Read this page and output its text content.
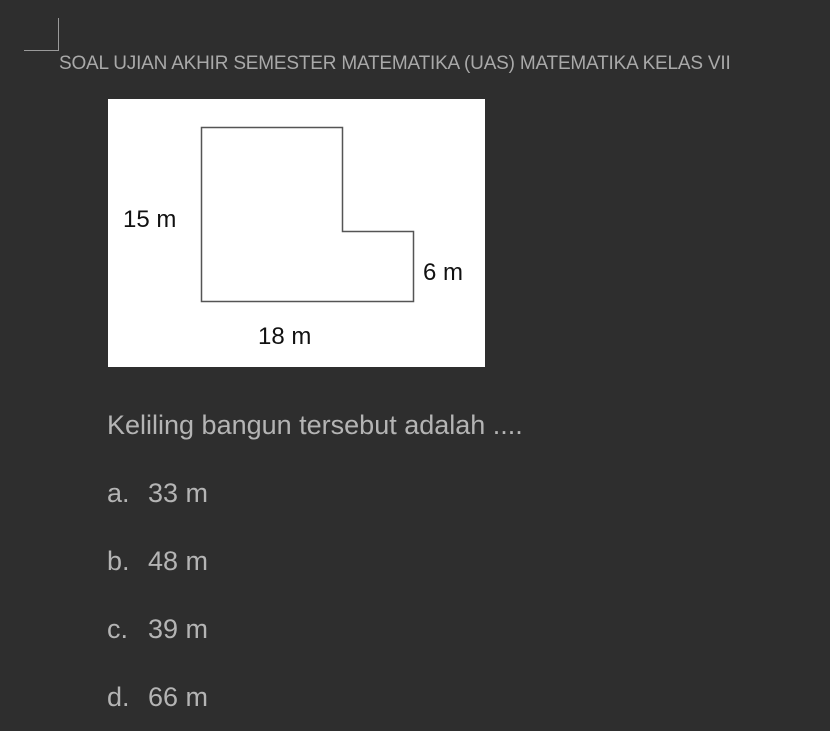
SOAL UJIAN AKHIR SEMESTER MATEMATIKA (UAS) MATEMATIKA KELAS VII
15 m
6 m
18 m
Keliling bangun tersebut adalah ....
a. 33 m
b. 48 m
c. 39 m
d. 66 m
